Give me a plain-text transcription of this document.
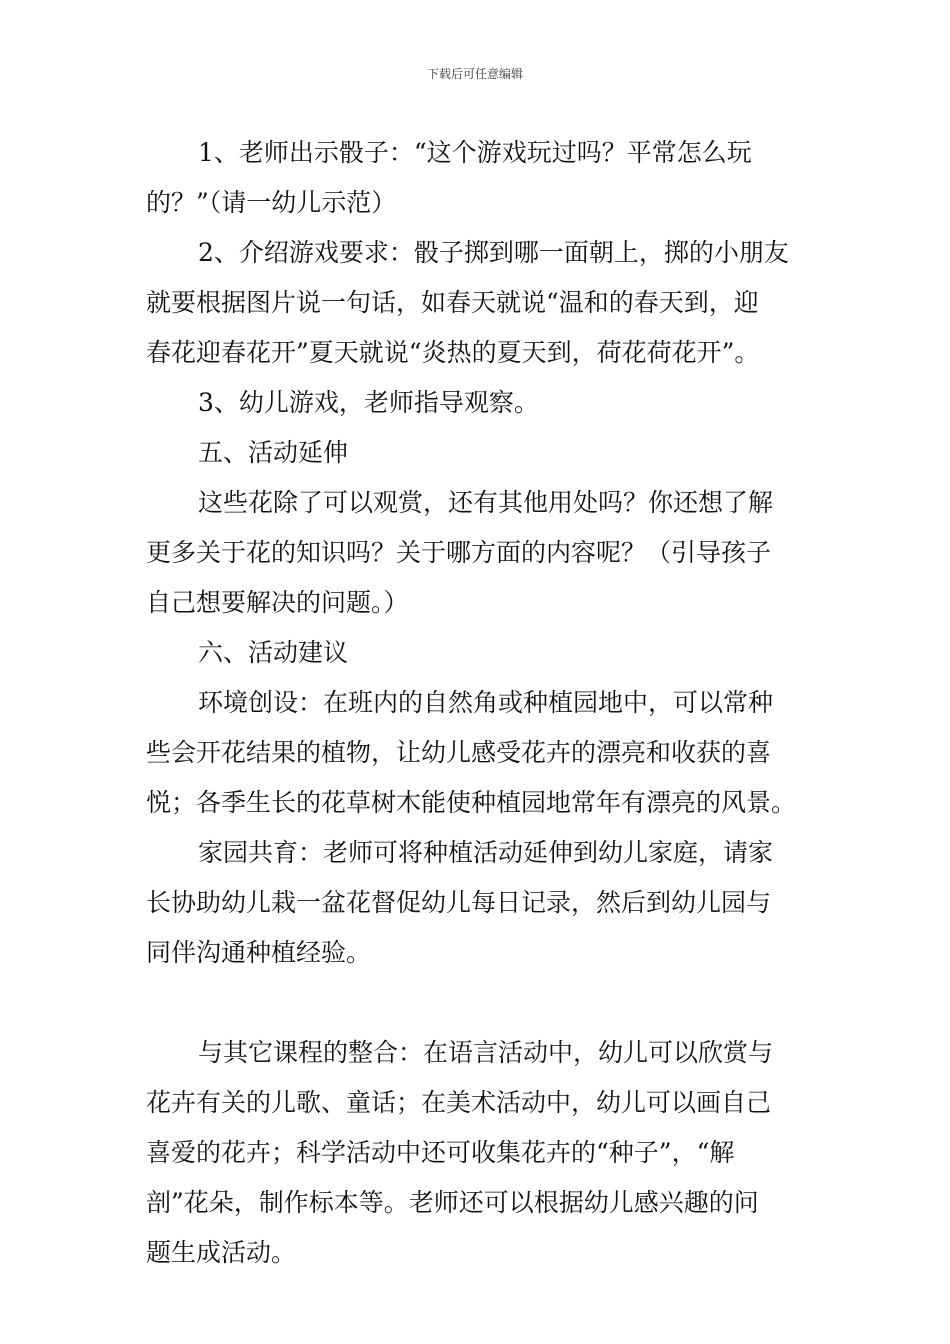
下载后可任意编辑
1、老师出示骰子：“这个游戏玩过吗？平常怎么玩
的？”（请一幼儿示范）
2、介绍游戏要求：骰子掷到哪一面朝上，掷的小朋友
就要根据图片说一句话，如春天就说“温和的春天到，迎
春花迎春花开”夏天就说“炎热的夏天到，荷花荷花开”。
3、幼儿游戏，老师指导观察。
五、活动延伸
这些花除了可以观赏，还有其他用处吗？你还想了解
更多关于花的知识吗？关于哪方面的内容呢？（引导孩子
自己想要解决的问题。）
六、活动建议
环境创设：在班内的自然角或种植园地中，可以常种
些会开花结果的植物，让幼儿感受花卉的漂亮和收获的喜
悦；各季生长的花草树木能使种植园地常年有漂亮的风景。
家园共育：老师可将种植活动延伸到幼儿家庭，请家
长协助幼儿栽一盆花督促幼儿每日记录，然后到幼儿园与
同伴沟通种植经验。
与其它课程的整合：在语言活动中，幼儿可以欣赏与
花卉有关的儿歌、童话；在美术活动中，幼儿可以画自己
喜爱的花卉；科学活动中还可收集花卉的“种子”，“解
剖”花朵，制作标本等。老师还可以根据幼儿感兴趣的问
题生成活动。
